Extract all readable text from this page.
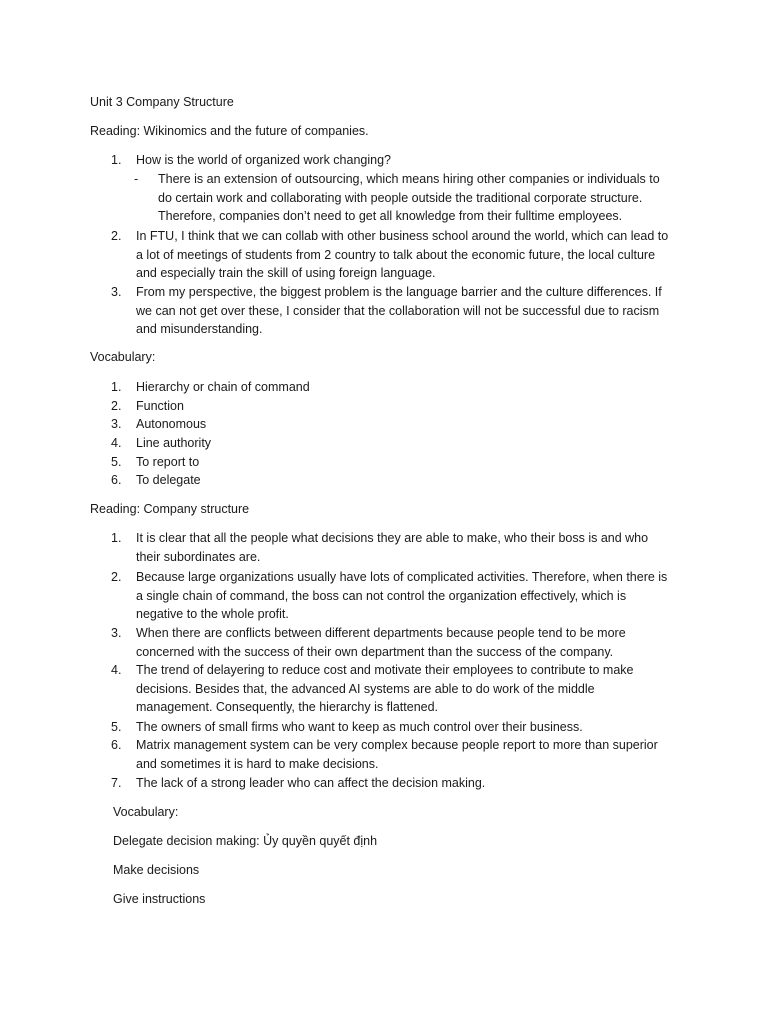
Unit 3 Company Structure

Reading: Wikinomics and the future of companies.

1.	How is the world of organized work changing?
- There is an extension of outsourcing, which means hiring other companies or individuals to
do certain work and collaborating with people outside the traditional corporate structure.
Therefore, companies don’t need to get all knowledge from their fulltime employees.
2.	In FTU, I think that we can collab with other business school around the world, which can lead to
a lot of meetings of students from 2 country to talk about the economic future, the local culture
and especially train the skill of using foreign language.
3.	From my perspective, the biggest problem is the language barrier and the culture differences. If
we can not get over these, I consider that the collaboration will not be successful due to racism
and misunderstanding.

Vocabulary:

1.	Hierarchy or chain of command
2.	Function
3.	Autonomous
4.	Line authority
5.	To report to
6.	To delegate

Reading: Company structure

1.	It is clear that all the people what decisions they are able to make, who their boss is and who
their subordinates are.
2.	Because large organizations usually have lots of complicated activities. Therefore, when there is
a single chain of command, the boss can not control the organization effectively, which is
negative to the whole profit.
3.	When there are conflicts between different departments because people tend to be more
concerned with the success of their own department than the success of the company.
4.	The trend of delayering to reduce cost and motivate their employees to contribute to make
decisions. Besides that, the advanced AI systems are able to do work of the middle
management. Consequently, the hierarchy is flattened.
5.	The owners of small firms who want to keep as much control over their business.
6.	Matrix management system can be very complex because people report to more than superior
and sometimes it is hard to make decisions.
7.	The lack of a strong leader who can affect the decision making.

Vocabulary:

Delegate decision making: Ủy quyền quyết định

Make decisions

Give instructions
